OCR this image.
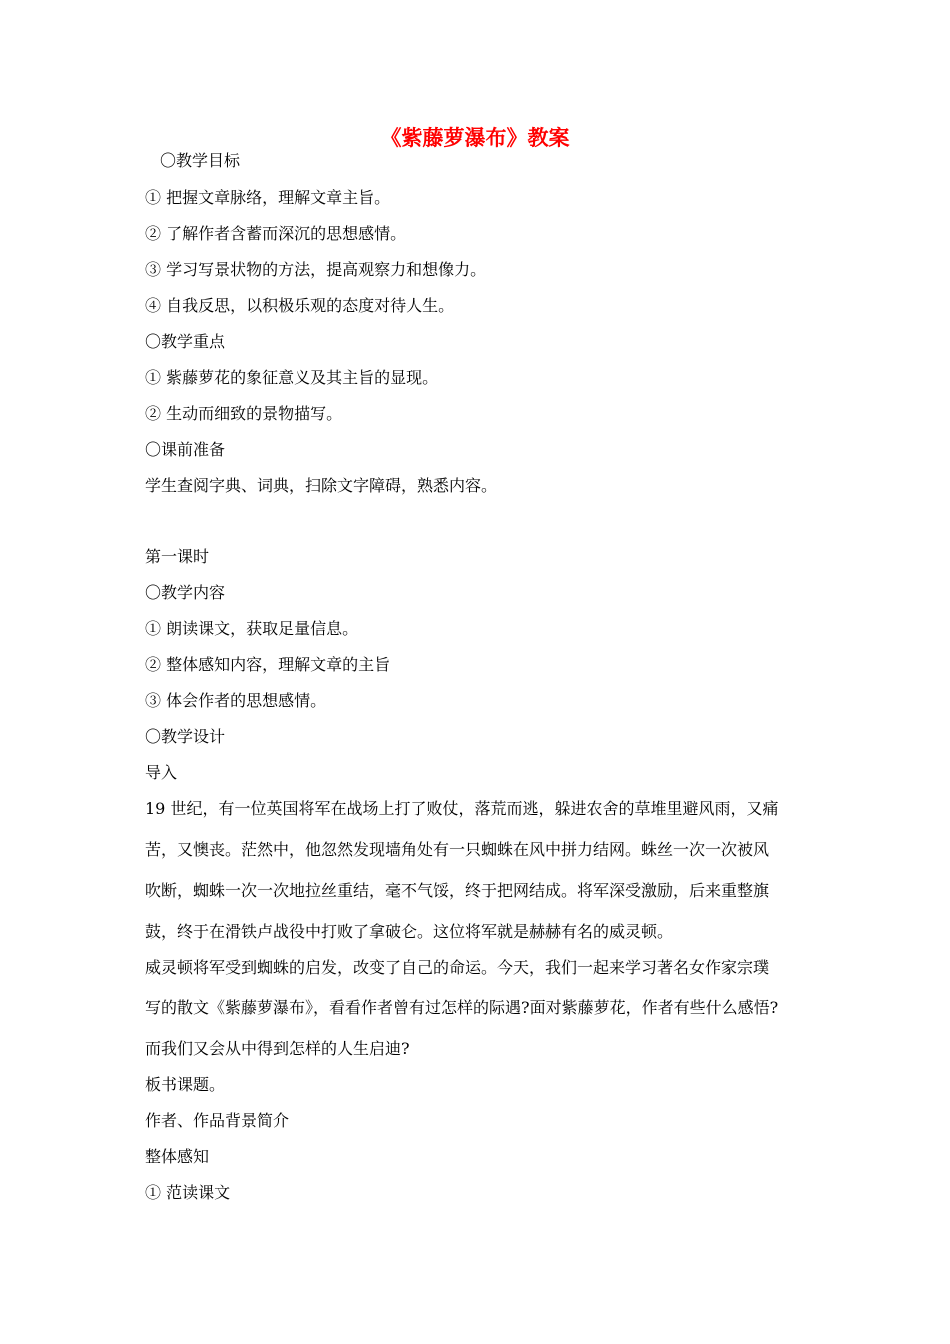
《紫藤萝瀑布》教案
〇教学目标
① 把握文章脉络，理解文章主旨。
② 了解作者含蓄而深沉的思想感情。
③ 学习写景状物的方法，提高观察力和想像力。
④ 自我反思，以积极乐观的态度对待人生。
〇教学重点
① 紫藤萝花的象征意义及其主旨的显现。
② 生动而细致的景物描写。
〇课前准备
学生查阅字典、词典，扫除文字障碍，熟悉内容。
第一课时
〇教学内容
① 朗读课文，获取足量信息。
② 整体感知内容，理解文章的主旨
③ 体会作者的思想感情。
〇教学设计
导入
19 世纪，有一位英国将军在战场上打了败仗，落荒而逃，躲进农舍的草堆里避风雨，又痛
苦，又懊丧。茫然中，他忽然发现墙角处有一只蜘蛛在风中拼力结网。蛛丝一次一次被风
吹断，蜘蛛一次一次地拉丝重结，毫不气馁，终于把网结成。将军深受激励，后来重整旗
鼓，终于在滑铁卢战役中打败了拿破仑。这位将军就是赫赫有名的威灵顿。
威灵顿将军受到蜘蛛的启发，改变了自己的命运。今天，我们一起来学习著名女作家宗璞
写的散文《紫藤萝瀑布》，看看作者曾有过怎样的际遇?面对紫藤萝花，作者有些什么感悟?
而我们又会从中得到怎样的人生启迪?
板书课题。
作者、作品背景简介
整体感知
① 范读课文
